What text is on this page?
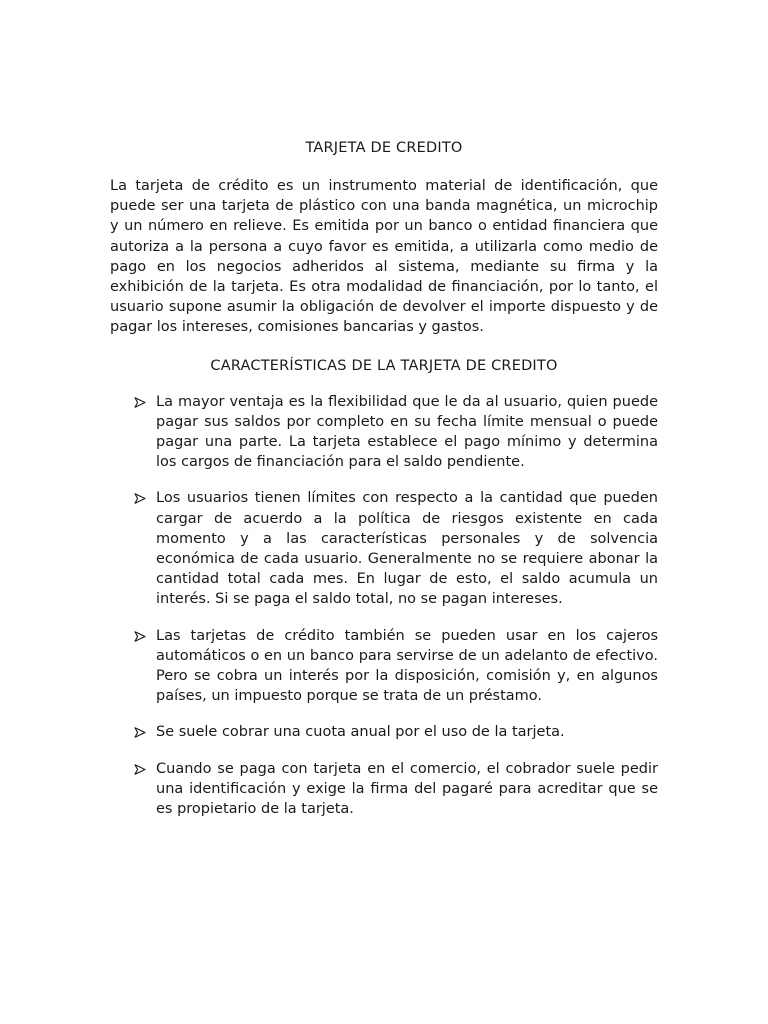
TARJETA DE CREDITO

La tarjeta de crédito es un instrumento material de identificación, que puede ser una tarjeta de plástico con una banda magnética, un microchip y un número en relieve. Es emitida por un banco o entidad financiera que autoriza a la persona a cuyo favor es emitida, a utilizarla como medio de pago en los negocios adheridos al sistema, mediante su firma y la exhibición de la tarjeta. Es otra modalidad de financiación, por lo tanto, el usuario supone asumir la obligación de devolver el importe dispuesto y de pagar los intereses, comisiones bancarias y gastos.

CARACTERÍSTICAS DE LA TARJETA DE CREDITO
La mayor ventaja es la flexibilidad que le da al usuario, quien puede pagar sus saldos por completo en su fecha límite mensual o puede pagar una parte. La tarjeta establece el pago mínimo y determina los cargos de financiación para el saldo pendiente.
Los usuarios tienen límites con respecto a la cantidad que pueden cargar de acuerdo a la política de riesgos existente en cada momento y a las características personales y de solvencia económica de cada usuario. Generalmente no se requiere abonar la cantidad total cada mes. En lugar de esto, el saldo acumula un interés. Si se paga el saldo total, no se pagan intereses.
Las tarjetas de crédito también se pueden usar en los cajeros automáticos o en un banco para servirse de un adelanto de efectivo. Pero se cobra un interés por la disposición, comisión y, en algunos países, un impuesto porque se trata de un préstamo.
Se suele cobrar una cuota anual por el uso de la tarjeta.
Cuando se paga con tarjeta en el comercio, el cobrador suele pedir una identificación y exige la firma del pagaré para acreditar que se es propietario de la tarjeta.
